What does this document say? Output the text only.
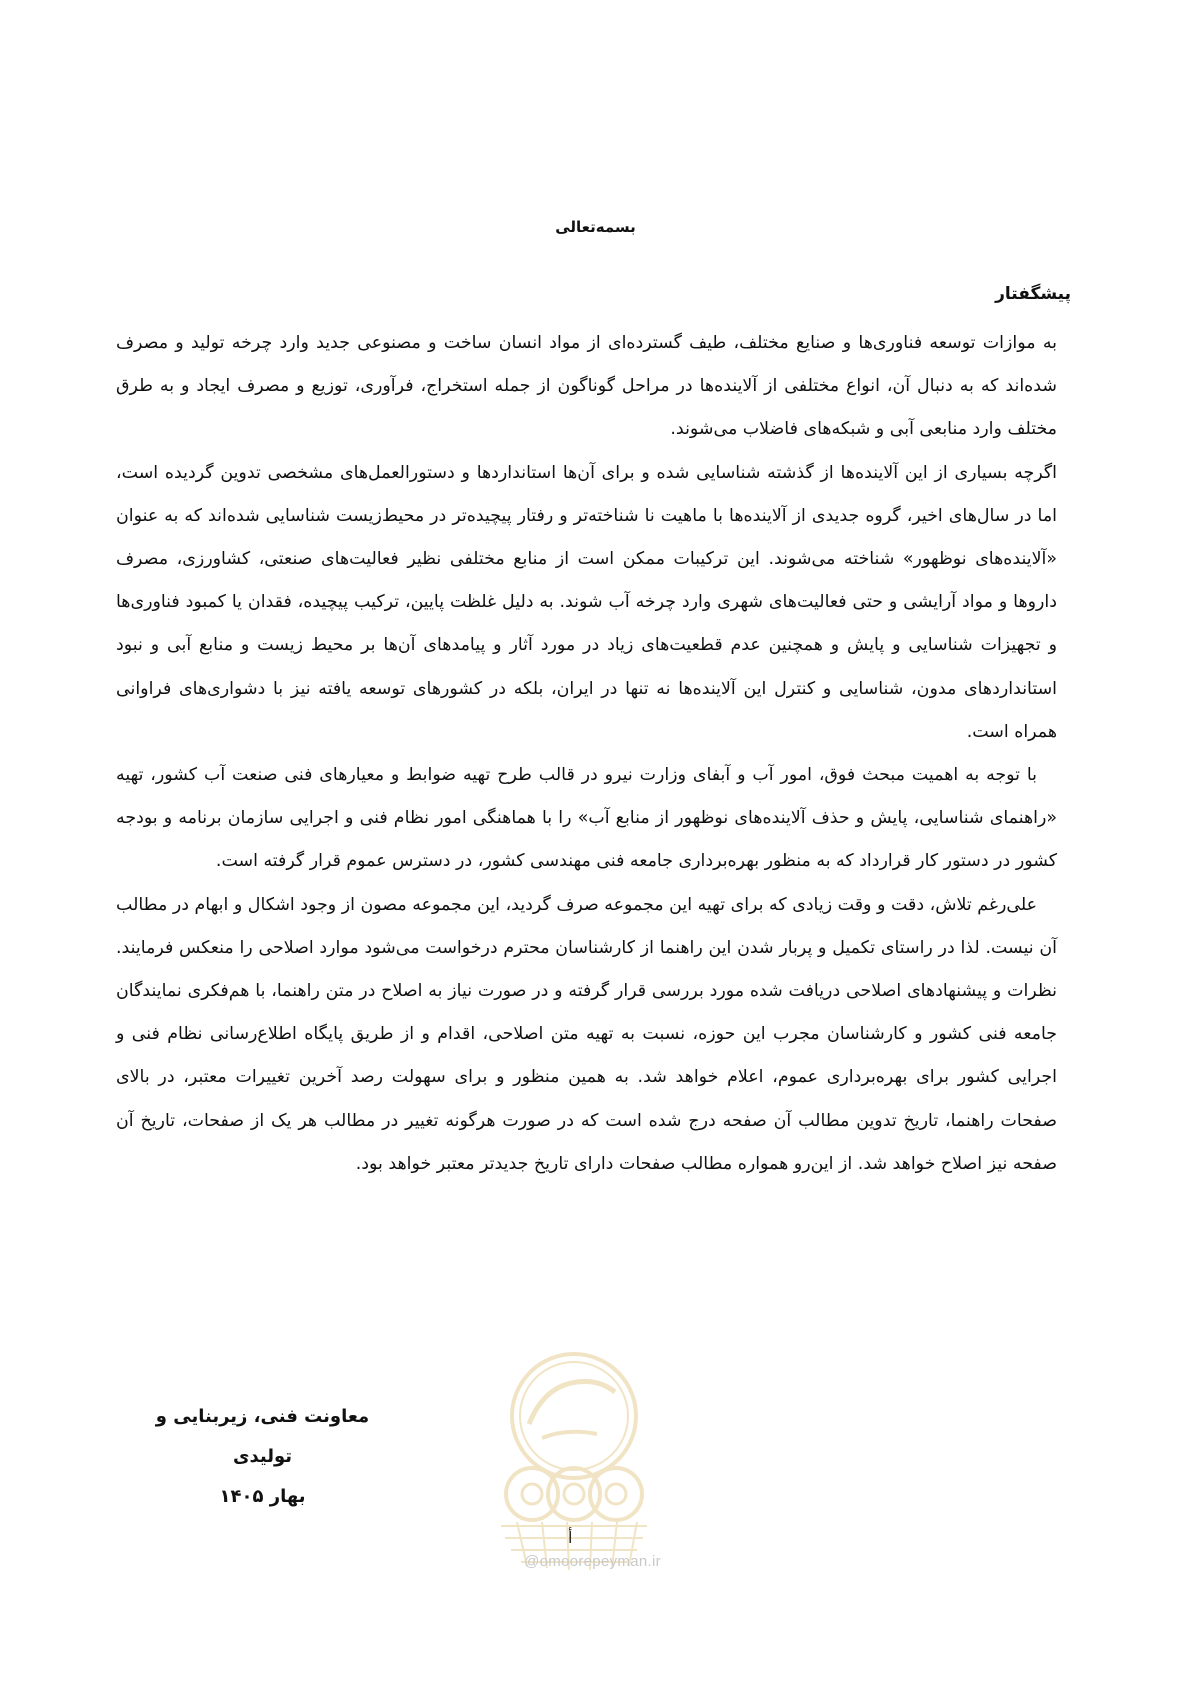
بسمه‌تعالی
پیشگفتار

به موازات توسعه فناوری‌ها و صنایع مختلف، طیف گسترده‌ای از مواد انسان ساخت و مصنوعی جدید وارد چرخه تولید و مصرف شده‌اند که به دنبال آن، انواع مختلفی از آلاینده‌ها در مراحل گوناگون از جمله استخراج، فرآوری، توزیع و مصرف ایجاد و به طرق مختلف وارد منابعی آبی و شبکه‌های فاضلاب می‌شوند.

اگرچه بسیاری از این آلاینده‌ها از گذشته شناسایی شده و برای آن‌ها استانداردها و دستورالعمل‌های مشخصی تدوین گردیده است، اما در سال‌های اخیر، گروه جدیدی از آلاینده‌ها با ماهیت نا شناخته‌تر و رفتار پیچیده‌تر در محیط‌زیست شناسایی شده‌اند که به عنوان «آلاینده‌های نوظهور» شناخته می‌شوند. این ترکیبات ممکن است از منابع مختلفی نظیر فعالیت‌های صنعتی، کشاورزی، مصرف داروها و مواد آرایشی و حتی فعالیت‌های شهری وارد چرخه آب شوند. به دلیل غلظت پایین، ترکیب پیچیده، فقدان یا کمبود فناوری‌ها و تجهیزات شناسایی و پایش و همچنین عدم قطعیت‌های زیاد در مورد آثار و پیامدهای آن‌ها بر محیط زیست و منابع آبی و نبود استانداردهای مدون، شناسایی و کنترل این آلاینده‌ها نه تنها در ایران، بلکه در کشورهای توسعه یافته نیز با دشواری‌های فراوانی همراه است.

با توجه به اهمیت مبحث فوق، امور آب و آبفای وزارت نیرو در قالب طرح تهیه ضوابط و معیارهای فنی صنعت آب کشور، تهیه «راهنمای شناسایی، پایش و حذف آلاینده‌های نوظهور از منابع آب» را با هماهنگی امور نظام فنی و اجرایی سازمان برنامه و بودجه کشور در دستور کار قرارداد که به منظور بهره‌برداری جامعه فنی مهندسی کشور، در دسترس عموم قرار گرفته است.

علی‌رغم تلاش، دقت و وقت زیادی که برای تهیه این مجموعه صرف گردید، این مجموعه مصون از وجود اشکال و ابهام در مطالب آن نیست. لذا در راستای تکمیل و پربار شدن این راهنما از کارشناسان محترم درخواست می‌شود موارد اصلاحی را منعکس فرمایند. نظرات و پیشنهادهای اصلاحی دریافت شده مورد بررسی قرار گرفته و در صورت نیاز به اصلاح در متن راهنما، با هم‌فکری نمایندگان جامعه فنی کشور و کارشناسان مجرب این حوزه، نسبت به تهیه متن اصلاحی، اقدام و از طریق پایگاه اطلاع‌رسانی نظام فنی و اجرایی کشور برای بهره‌برداری عموم، اعلام خواهد شد. به همین منظور و برای سهولت رصد آخرین تغییرات معتبر، در بالای صفحات راهنما، تاریخ تدوین مطالب آن صفحه درج شده است که در صورت هرگونه تغییر در مطالب هر یک از صفحات، تاریخ آن صفحه نیز اصلاح خواهد شد. از این‌رو همواره مطالب صفحات دارای تاریخ جدیدتر معتبر خواهد بود.

أ
@omoorepeyman.ir
معاونت فنی، زیربنایی و تولیدی
بهار ۱۴۰۵
